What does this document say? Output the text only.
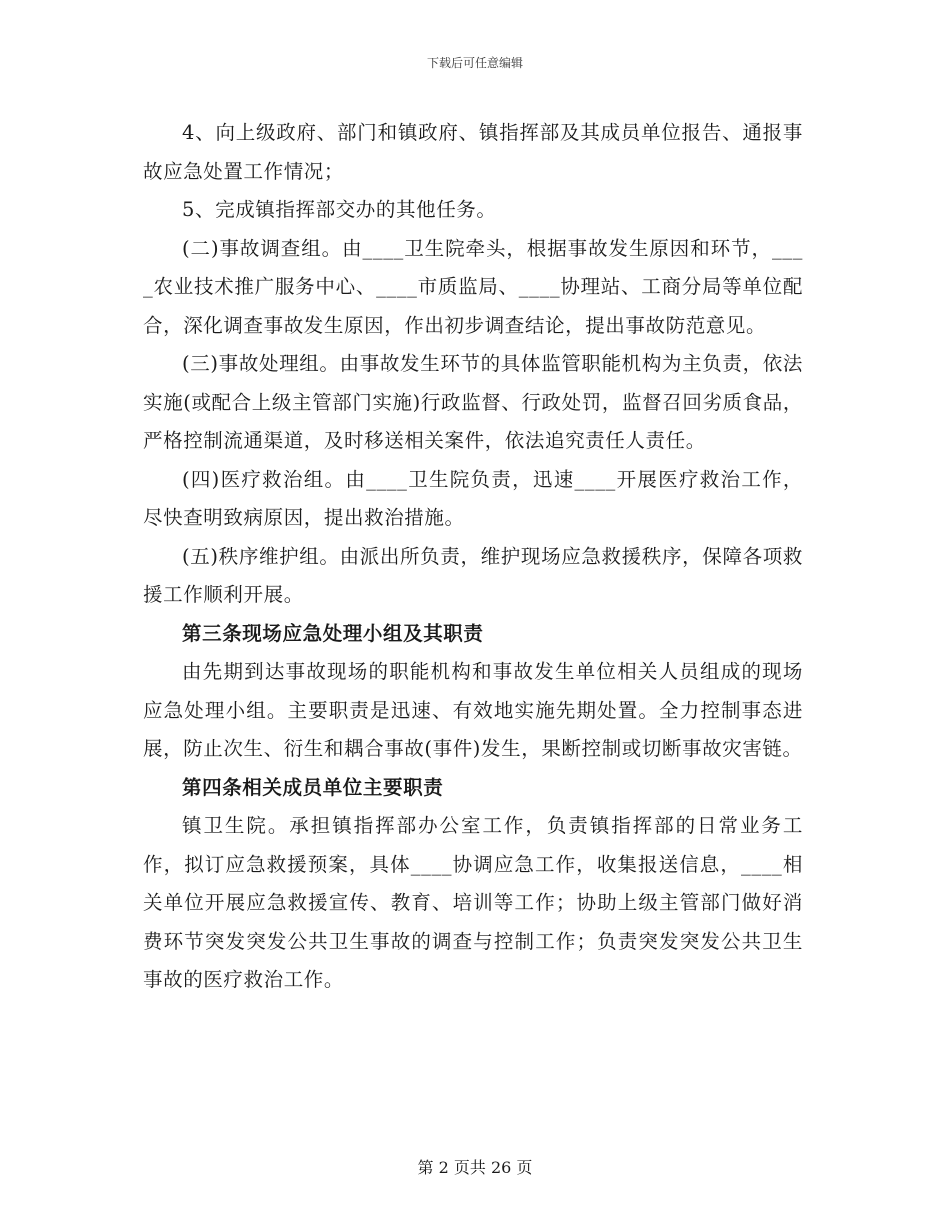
下载后可任意编辑

4、向上级政府、部门和镇政府、镇指挥部及其成员单位报告、通报事故应急处置工作情况；

5、完成镇指挥部交办的其他任务。

(二)事故调查组。由____卫生院牵头，根据事故发生原因和环节，____农业技术推广服务中心、____市质监局、____协理站、工商分局等单位配合，深化调查事故发生原因，作出初步调查结论，提出事故防范意见。

(三)事故处理组。由事故发生环节的具体监管职能机构为主负责，依法实施(或配合上级主管部门实施)行政监督、行政处罚，监督召回劣质食品，严格控制流通渠道，及时移送相关案件，依法追究责任人责任。

(四)医疗救治组。由____卫生院负责，迅速____开展医疗救治工作，尽快查明致病原因，提出救治措施。

(五)秩序维护组。由派出所负责，维护现场应急救援秩序，保障各项救援工作顺利开展。

第三条现场应急处理小组及其职责

由先期到达事故现场的职能机构和事故发生单位相关人员组成的现场应急处理小组。主要职责是迅速、有效地实施先期处置。全力控制事态进展，防止次生、衍生和耦合事故(事件)发生，果断控制或切断事故灾害链。

第四条相关成员单位主要职责

镇卫生院。承担镇指挥部办公室工作，负责镇指挥部的日常业务工作，拟订应急救援预案，具体____协调应急工作，收集报送信息，____相关单位开展应急救援宣传、教育、培训等工作；协助上级主管部门做好消费环节突发突发公共卫生事故的调查与控制工作；负责突发突发公共卫生事故的医疗救治工作。

第 2 页共 26 页
